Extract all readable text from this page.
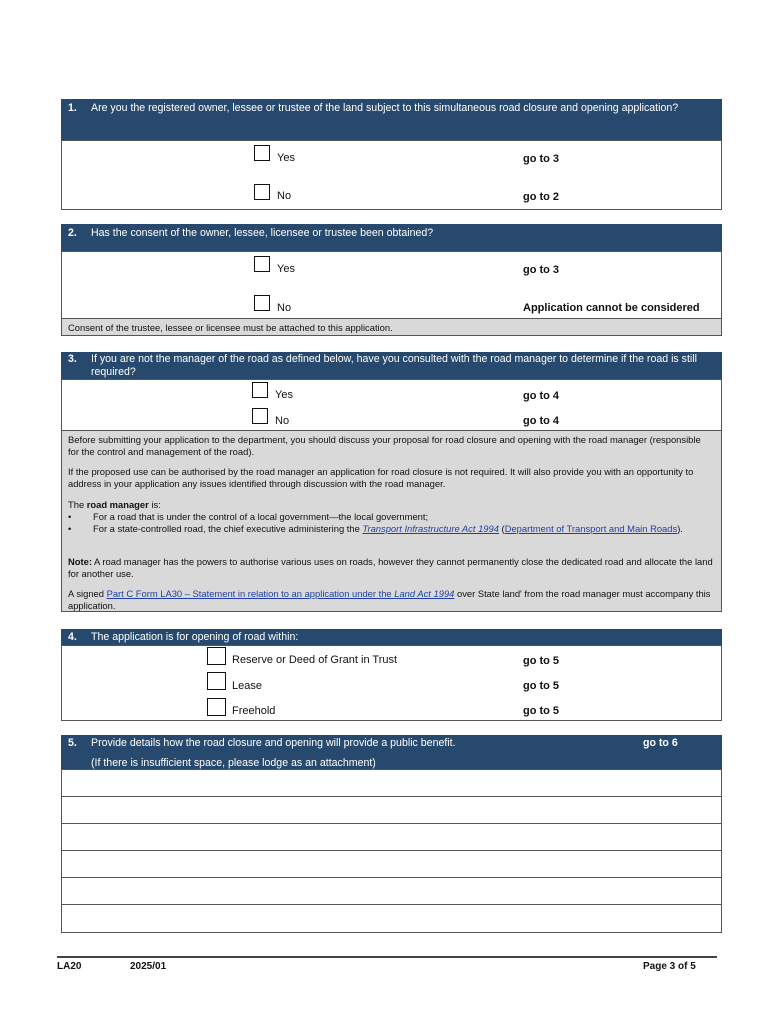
1. Are you the registered owner, lessee or trustee of the land subject to this simultaneous road closure and opening application?
Yes	go to 3
No	go to 2
2. Has the consent of the owner, lessee, licensee or trustee been obtained?
Yes	go to 3
No	Application cannot be considered

Consent of the trustee, lessee or licensee must be attached to this application.

3. If you are not the manager of the road as defined below, have you consulted with the road manager to determine if the road is still required?
Yes	go to 4
No	go to 4

Before submitting your application to the department, you should discuss your proposal for road closure and opening with the road manager (responsible for the control and management of the road).

If the proposed use can be authorised by the road manager an application for road closure is not required. It will also provide you with an opportunity to address in your application any issues identified through discussion with the road manager.

The road manager is:

• For a road that is under the control of a local government—the local government;

• For a state-controlled road, the chief executive administering the Transport Infrastructure Act 1994 (Department of Transport and Main Roads).

Note: A road manager has the powers to authorise various uses on roads, however they cannot permanently close the dedicated road and allocate the land for another use.

A signed Part C Form LA30 – Statement in relation to an application under the Land Act 1994 over State land' from the road manager must accompany this application.

4. The application is for opening of road within:
Reserve or Deed of Grant in Trust	go to 5
Lease	go to 5
Freehold	go to 5
5. Provide details how the road closure and opening will provide a public benefit.	go to 6
(If there is insufficient space, please lodge as an attachment)
LA20	2025/01	Page 3 of 5
